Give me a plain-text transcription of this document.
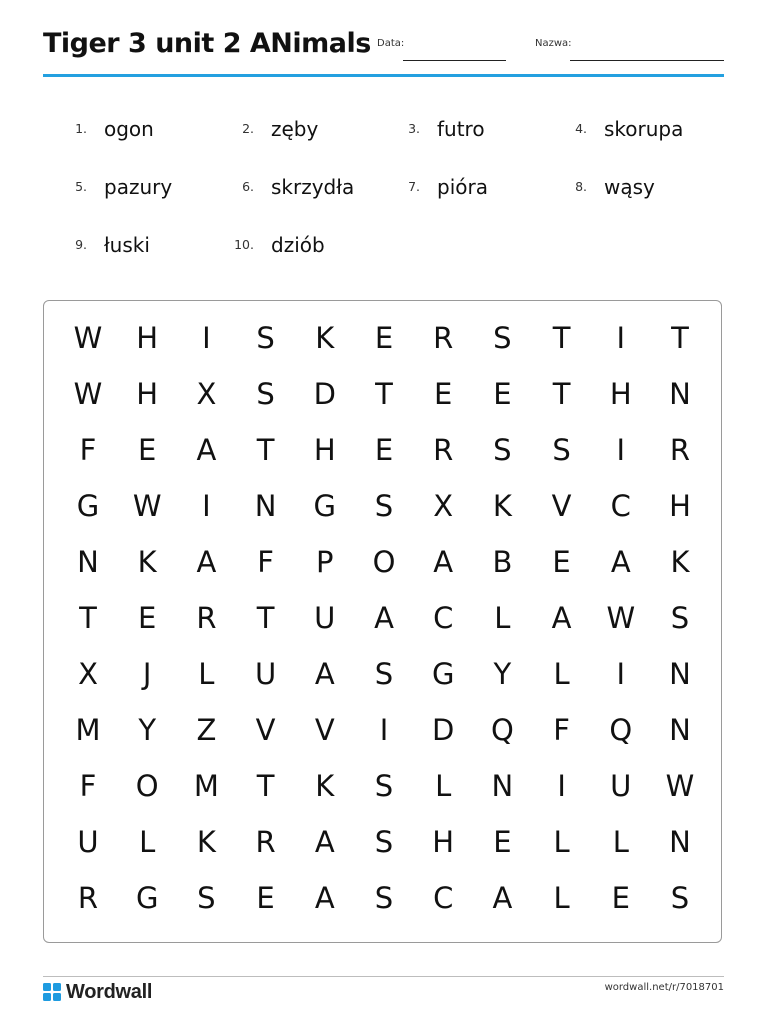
Tiger 3 unit 2 ANimals Data:	Nazwa:
1. ogon	2. zęby	3. futro	4. skorupa
5. pazury	6. skrzydła	7. pióra	8. wąsy
9. łuski	10. dziób
W	H	I	S	K	E	R	S	T	I	T
W	H	X	S	D	T	E	E	T	H	N
F	E	A	T	H	E	R	S	S	I	R
G	W	I	N	G	S	X	K	V	C	H
N	K	A	F	P	O	A	B	E	A	K
T	E	R	T	U	A	C	L	A	W	S
X	J	L	U	A	S	G	Y	L	I	N
M	Y	Z	V	V	I	D	Q	F	Q	N
F	O	M	T	K	S	L	N	I	U	W
U	L	K	R	A	S	H	E	L	L	N
R	G	S	E	A	S	C	A	L	E	S
Wordwall	wordwall.net/r/7018701
